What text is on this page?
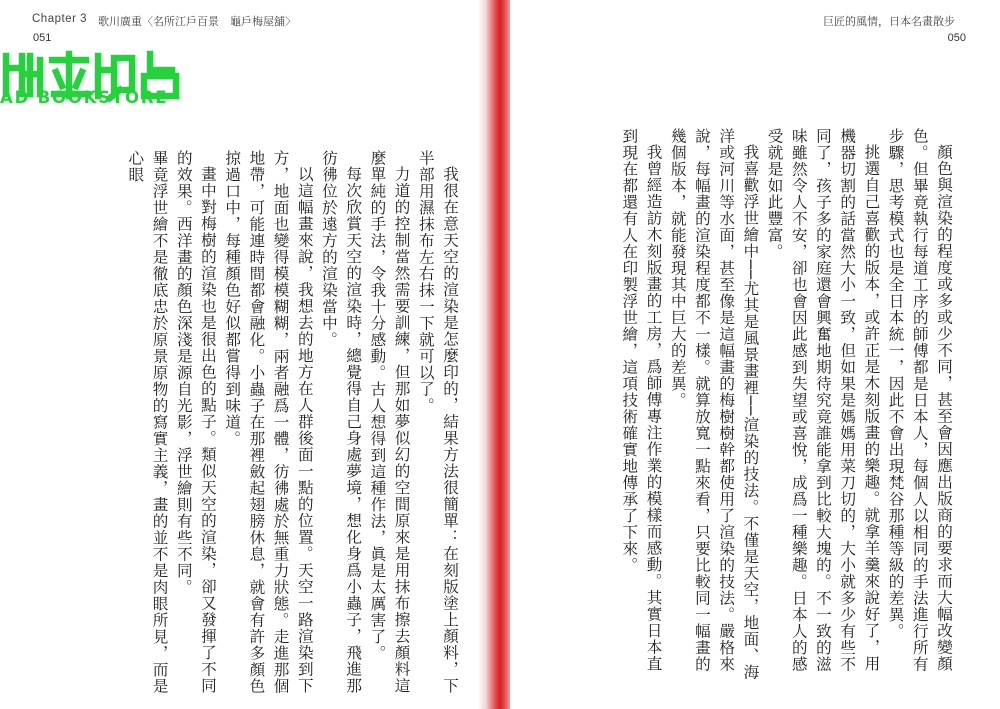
Chapter 3 歌川廣重〈名所江戶百景　龜戶梅屋舖〉
051
AD BOOKSTORE

我很在意天空的渲染是怎麼印的，結果方法很簡單：在刻版塗上顏料，下半部用濕抹布左右抹一下就可以了。

力道的控制當然需要訓練，但那如夢似幻的空間原來是用抹布擦去顏料這麼單純的手法，令我十分感動。古人想得到這種作法，眞是太厲害了。

每次欣賞天空的渲染時，總覺得自己身處夢境，想化身爲小蟲子，飛進那彷彿位於遠方的渲染當中。

以這幅畫來說，我想去的地方在人群後面一點的位置。天空一路渲染到下方，地面也變得模模糊糊，兩者融爲一體，彷彿處於無重力狀態。走進那個地帶，可能連時間都會融化。小蟲子在那裡斂起翅膀休息，就會有許多顏色掠過口中，每種顏色好似都嘗得到味道。

畫中對梅樹的渲染也是很出色的點子。類似天空的渲染，卻又發揮了不同的效果。西洋畫的顏色深淺是源自光影，浮世繪則有些不同。

畢竟浮世繪不是徹底忠於原景原物的寫實主義，畫的並不是肉眼所見，而是心眼

巨匠的風情，日本名畫散步
050

顏色與渲染的程度或多或少不同，甚至會因應出版商的要求而大幅改變顏色。但畢竟執行每道工序的師傅都是日本人，每個人以相同的手法進行所有步驟，思考模式也是全日本統一，因此不會出現梵谷那種等級的差異。

挑選自己喜歡的版本，或許正是木刻版畫的樂趣。就拿羊羹來說好了，用機器切割的話當然大小一致，但如果是媽媽用菜刀切的，大小就多少有些不同了，孩子多的家庭還會興奮地期待究竟誰能拿到比較大塊的。不一致的滋味雖然令人不安，卻也會因此感到失望或喜悅，成爲一種樂趣。日本人的感受就是如此豐富。

我喜歡浮世繪中──尤其是風景畫裡──渲染的技法。不僅是天空，地面、海洋或河川等水面，甚至像是這幅畫的梅樹樹幹都使用了渲染的技法。嚴格來說，每幅畫的渲染程度都不一樣。就算放寬一點來看，只要比較同一幅畫的幾個版本，就能發現其中巨大的差異。

我曾經造訪木刻版畫的工房，爲師傅專注作業的模樣而感動。其實日本直到現在都還有人在印製浮世繪，這項技術確實地傳承了下來。
